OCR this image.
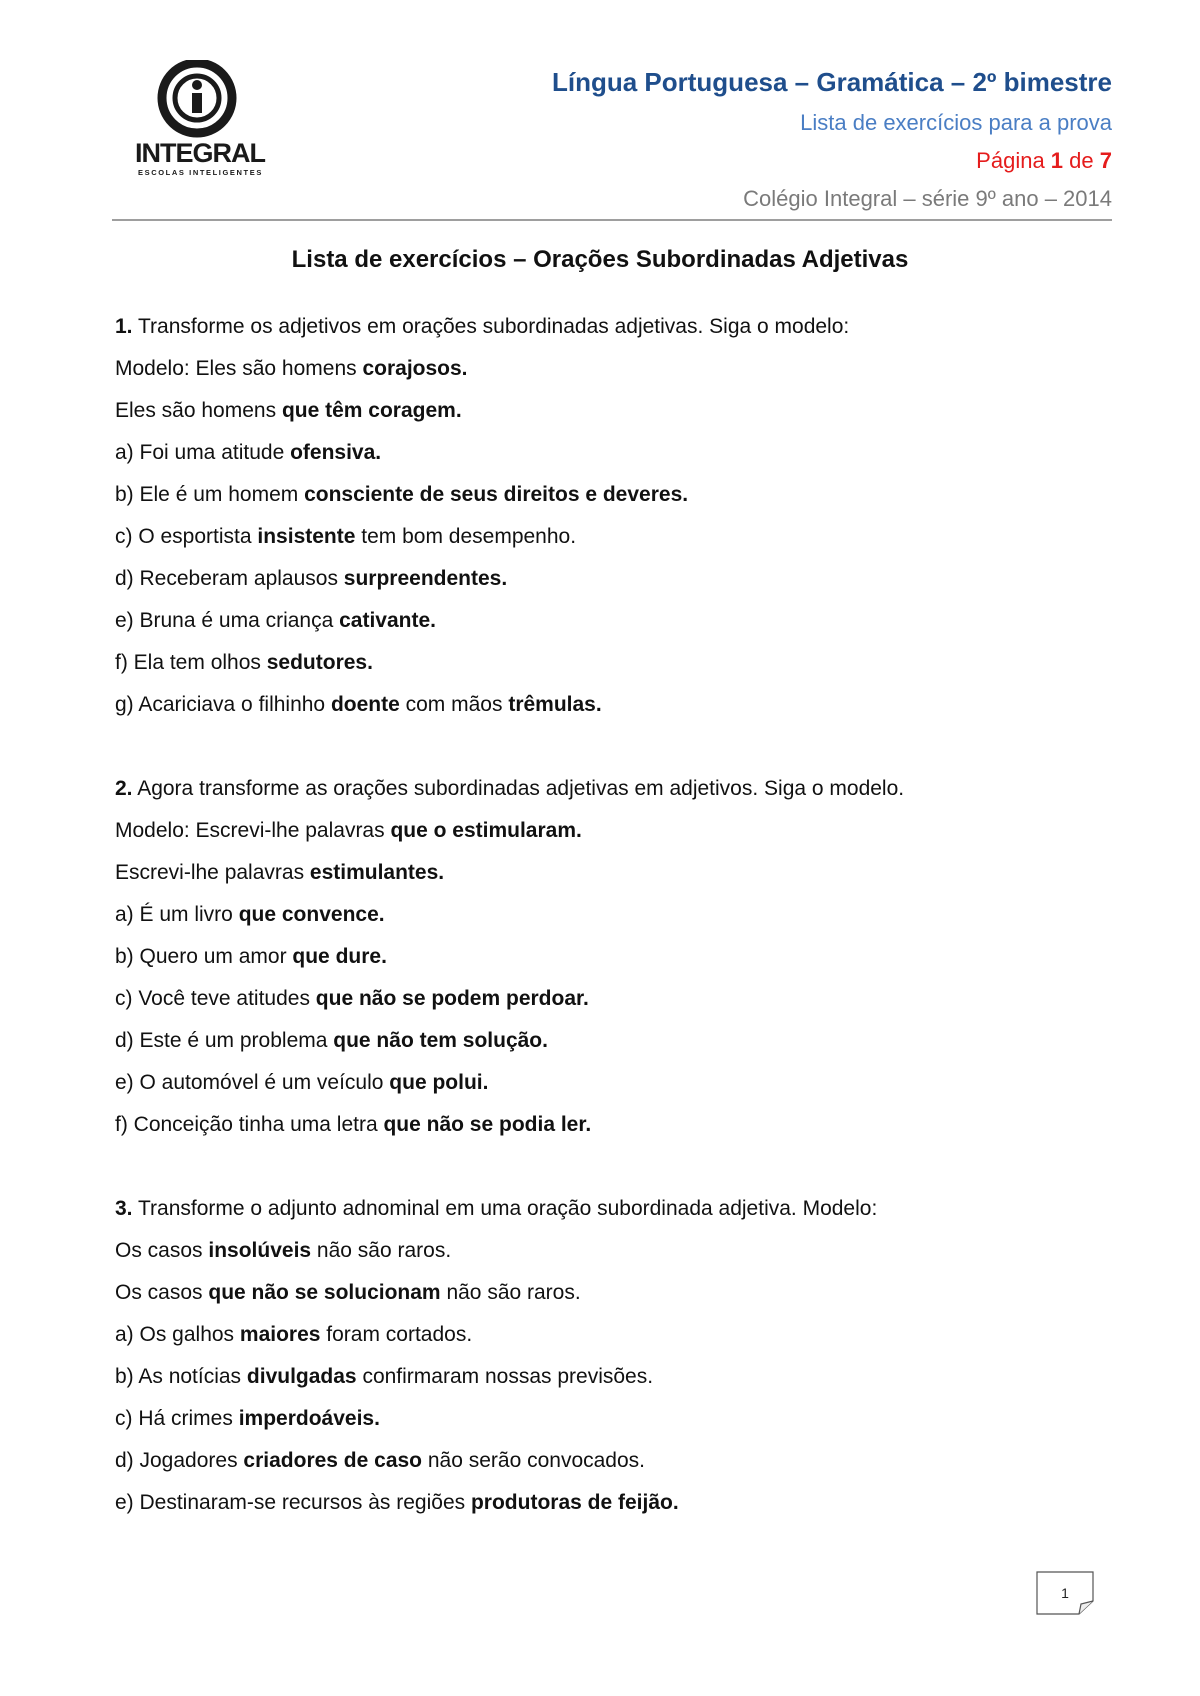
INTEGRAL
ESCOLAS INTELIGENTES
Língua Portuguesa – Gramática – 2º bimestre
Lista de exercícios para a prova
Página 1 de 7
Colégio Integral – série 9º ano – 2014
Lista de exercícios – Orações Subordinadas Adjetivas

1. Transforme os adjetivos em orações subordinadas adjetivas. Siga o modelo:

Modelo: Eles são homens corajosos.

Eles são homens que têm coragem.

a) Foi uma atitude ofensiva.

b) Ele é um homem consciente de seus direitos e deveres.

c) O esportista insistente tem bom desempenho.

d) Receberam aplausos surpreendentes.

e) Bruna é uma criança cativante.

f) Ela tem olhos sedutores.

g) Acariciava o filhinho doente com mãos trêmulas.

2. Agora transforme as orações subordinadas adjetivas em adjetivos. Siga o modelo.

Modelo: Escrevi-lhe palavras que o estimularam.

Escrevi-lhe palavras estimulantes.

a) É um livro que convence.

b) Quero um amor que dure.

c) Você teve atitudes que não se podem perdoar.

d) Este é um problema que não tem solução.

e) O automóvel é um veículo que polui.

f) Conceição tinha uma letra que não se podia ler.

3. Transforme o adjunto adnominal em uma oração subordinada adjetiva. Modelo:

Os casos insolúveis não são raros.

Os casos que não se solucionam não são raros.

a) Os galhos maiores foram cortados.

b) As notícias divulgadas confirmaram nossas previsões.

c) Há crimes imperdoáveis.

d) Jogadores criadores de caso não serão convocados.

e) Destinaram-se recursos às regiões produtoras de feijão.

1
